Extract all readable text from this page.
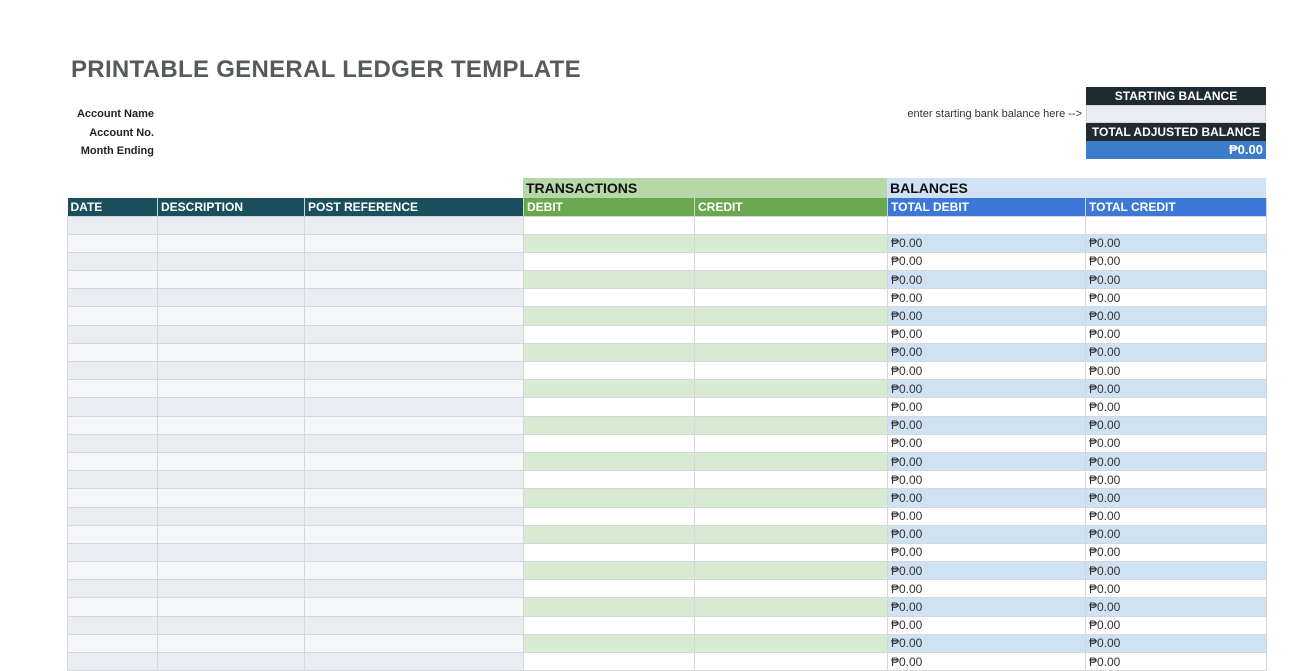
PRINTABLE GENERAL LEDGER TEMPLATE
Account Name
Account No.
Month Ending
enter starting bank balance here -->
STARTING BALANCE
TOTAL ADJUSTED BALANCE
₱0.00
TRANSACTIONS	BALANCES
DATE	DESCRIPTION	POST REFERENCE	DEBIT	CREDIT	TOTAL DEBIT	TOTAL CREDIT

					₱0.00	₱0.00
					₱0.00	₱0.00
					₱0.00	₱0.00
					₱0.00	₱0.00
					₱0.00	₱0.00
					₱0.00	₱0.00
					₱0.00	₱0.00
					₱0.00	₱0.00
					₱0.00	₱0.00
					₱0.00	₱0.00
					₱0.00	₱0.00
					₱0.00	₱0.00
					₱0.00	₱0.00
					₱0.00	₱0.00
					₱0.00	₱0.00
					₱0.00	₱0.00
					₱0.00	₱0.00
					₱0.00	₱0.00
					₱0.00	₱0.00
					₱0.00	₱0.00
					₱0.00	₱0.00
					₱0.00	₱0.00
					₱0.00	₱0.00
					₱0.00	₱0.00
